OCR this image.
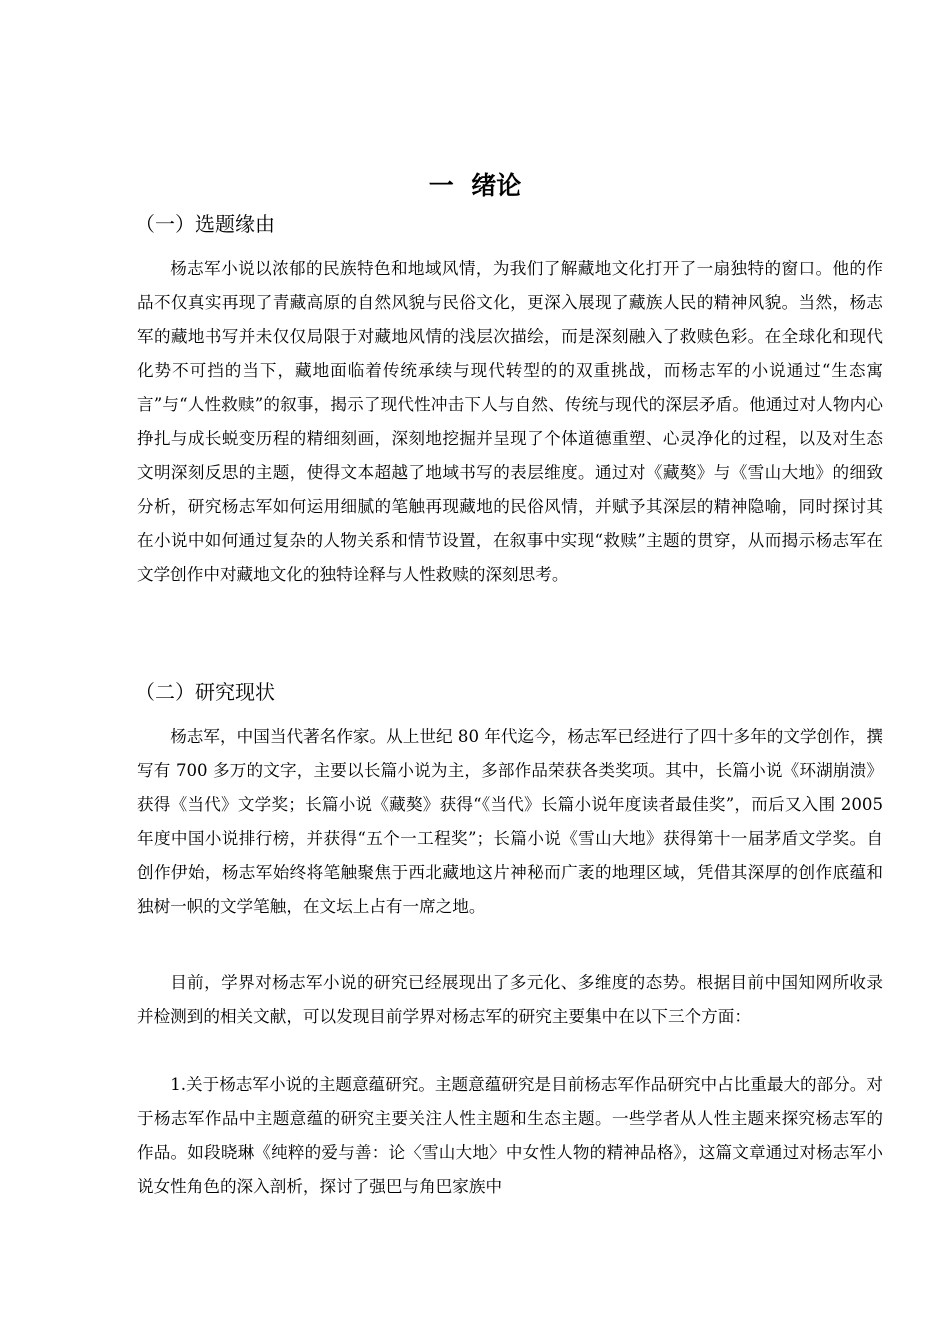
一  绪论
（一）选题缘由

杨志军小说以浓郁的民族特色和地域风情，为我们了解藏地文化打开了一扇独特的窗口。他的作品不仅真实再现了青藏高原的自然风貌与民俗文化，更深入展现了藏族人民的精神风貌。当然，杨志军的藏地书写并未仅仅局限于对藏地风情的浅层次描绘，而是深刻融入了救赎色彩。在全球化和现代化势不可挡的当下，藏地面临着传统承续与现代转型的的双重挑战，而杨志军的小说通过“生态寓言”与“人性救赎”的叙事，揭示了现代性冲击下人与自然、传统与现代的深层矛盾。他通过对人物内心挣扎与成长蜕变历程的精细刻画，深刻地挖掘并呈现了个体道德重塑、心灵净化的过程，以及对生态文明深刻反思的主题，使得文本超越了地域书写的表层维度。通过对《藏獒》与《雪山大地》的细致分析，研究杨志军如何运用细腻的笔触再现藏地的民俗风情，并赋予其深层的精神隐喻，同时探讨其在小说中如何通过复杂的人物关系和情节设置，在叙事中实现“救赎”主题的贯穿，从而揭示杨志军在文学创作中对藏地文化的独特诠释与人性救赎的深刻思考。

（二）研究现状

杨志军，中国当代著名作家。从上世纪 80 年代迄今，杨志军已经进行了四十多年的文学创作，撰写有 700 多万的文字，主要以长篇小说为主，多部作品荣获各类奖项。其中，长篇小说《环湖崩溃》获得《当代》文学奖；长篇小说《藏獒》获得“《当代》长篇小说年度读者最佳奖”，而后又入围 2005 年度中国小说排行榜，并获得“五个一工程奖”；长篇小说《雪山大地》获得第十一届茅盾文学奖。自创作伊始，杨志军始终将笔触聚焦于西北藏地这片神秘而广袤的地理区域，凭借其深厚的创作底蕴和独树一帜的文学笔触，在文坛上占有一席之地。

目前，学界对杨志军小说的研究已经展现出了多元化、多维度的态势。根据目前中国知网所收录并检测到的相关文献，可以发现目前学界对杨志军的研究主要集中在以下三个方面：

1.关于杨志军小说的主题意蕴研究。主题意蕴研究是目前杨志军作品研究中占比重最大的部分。对于杨志军作品中主题意蕴的研究主要关注人性主题和生态主题。一些学者从人性主题来探究杨志军的作品。如段晓琳《纯粹的爱与善：论〈雪山大地〉中女性人物的精神品格》，这篇文章通过对杨志军小说女性角色的深入剖析，探讨了强巴与角巴家族中
